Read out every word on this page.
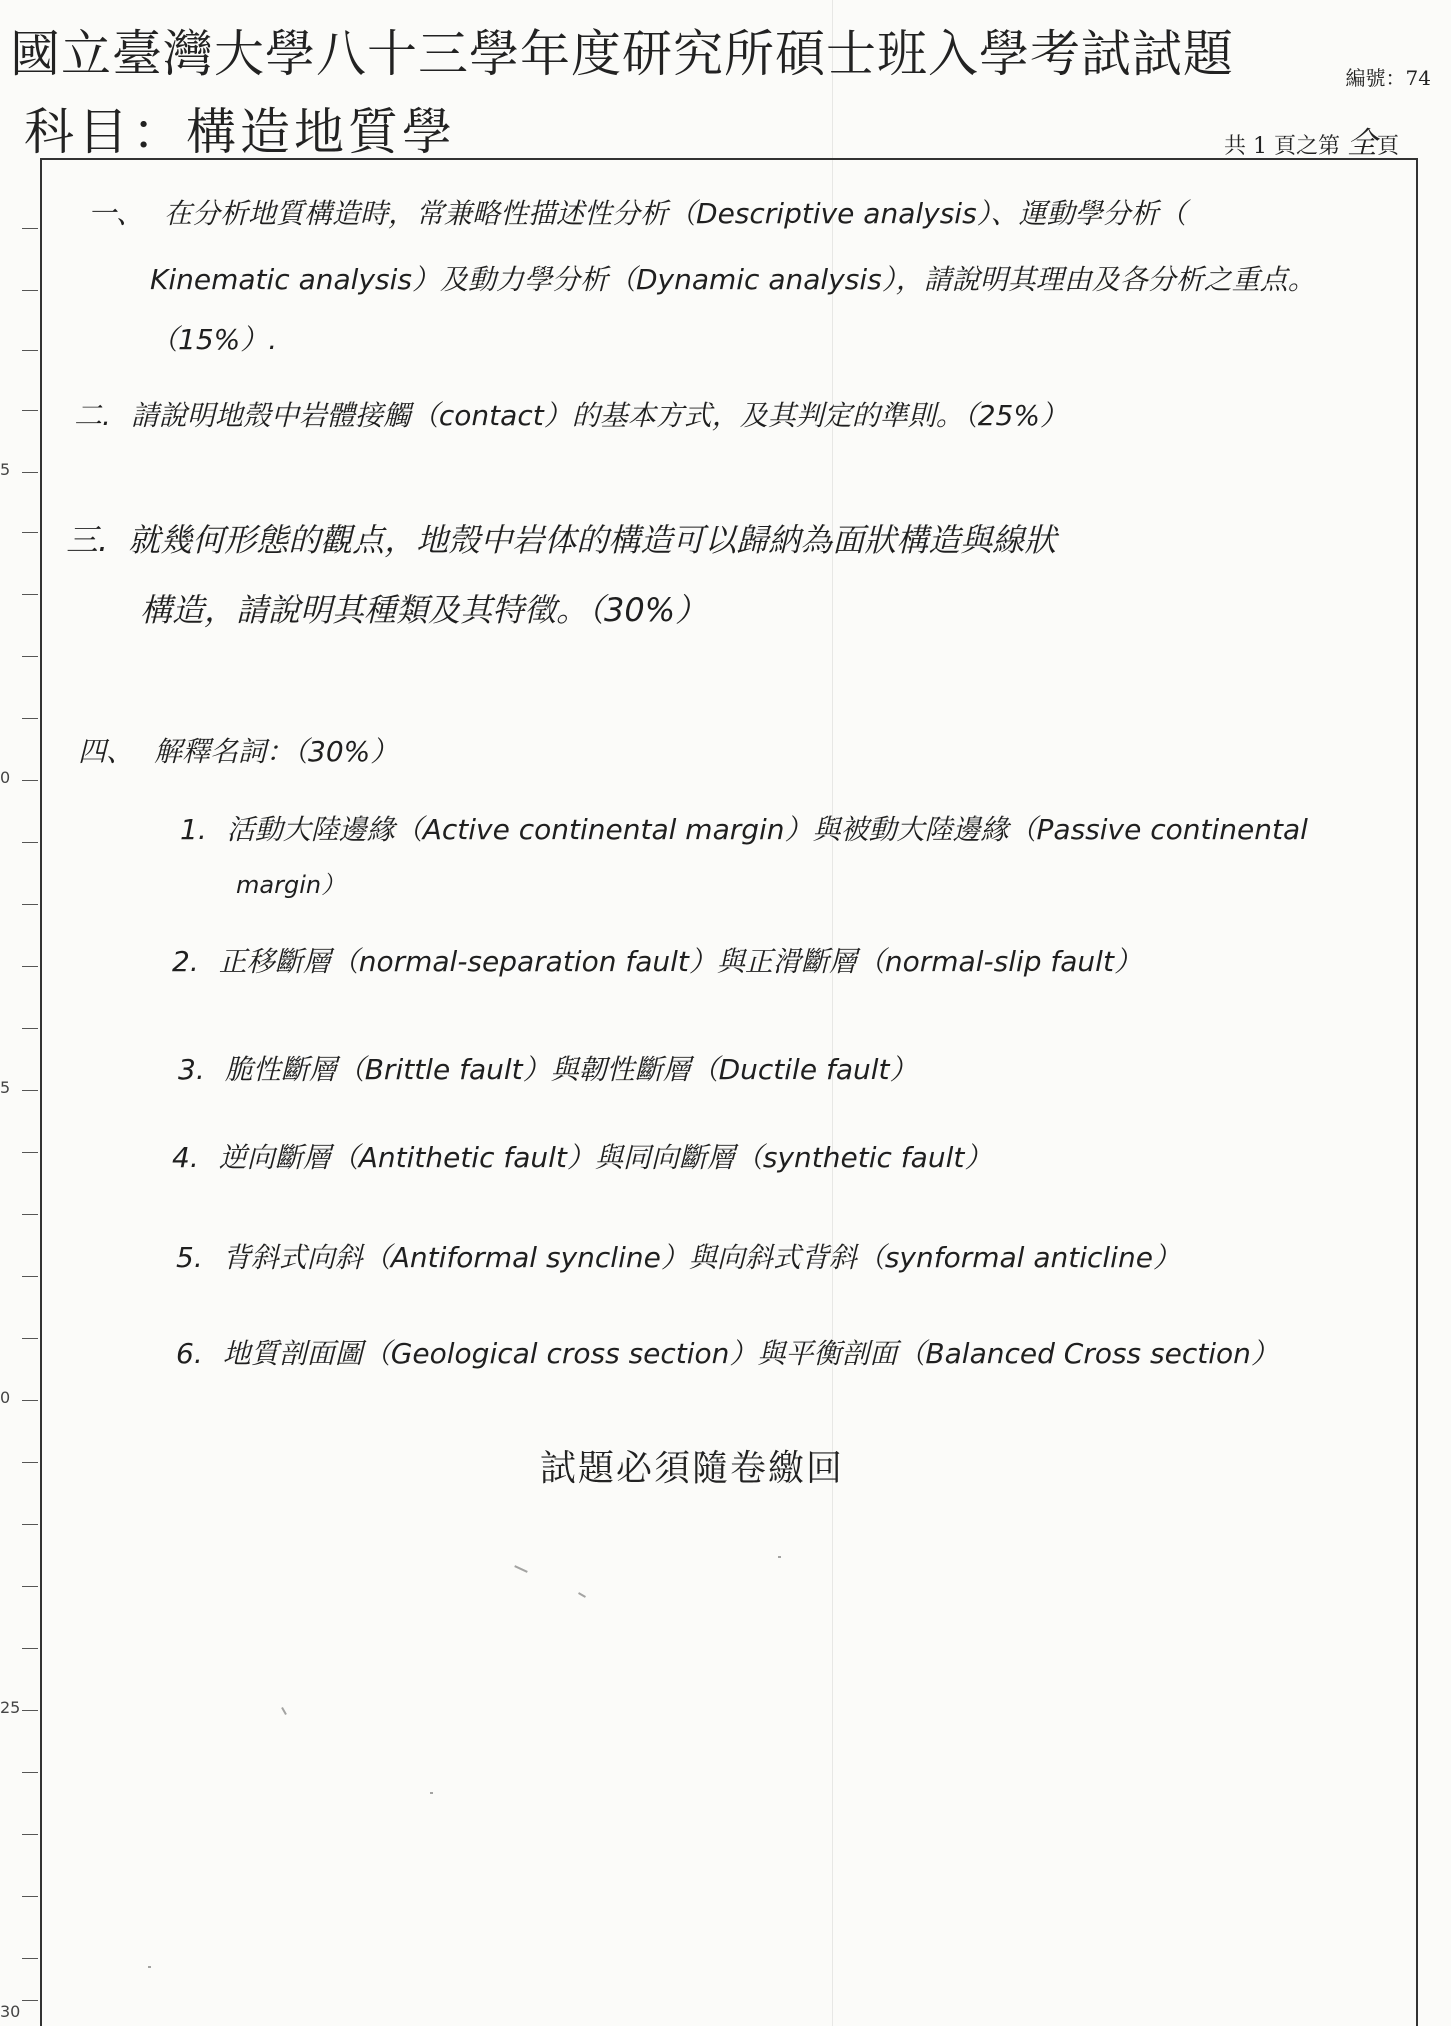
國立臺灣大學八十三學年度研究所碩士班入學考試試題
科目：構造地質學
編號：74
共 1 頁之第 全頁
5
0
5
0
25
30
一、 在分析地質構造時，常兼略性描述性分析（Descriptive analysis）、運動學分析（
Kinematic analysis）及動力學分析（Dynamic analysis），請說明其理由及各分析之重点。
（15%）.
二. 請說明地殼中岩體接觸（contact）的基本方式，及其判定的準則。（25%）
三. 就幾何形態的觀点，地殼中岩体的構造可以歸納為面狀構造與線狀
構造，請說明其種類及其特徵。（30%）
四、 解釋名詞：（30%）
1. 活動大陸邊緣（Active continental margin）與被動大陸邊緣（Passive continental
margin）
2. 正移斷層（normal-separation fault）與正滑斷層（normal-slip fault）
3. 脆性斷層（Brittle fault）與韌性斷層（Ductile fault）
4. 逆向斷層（Antithetic fault）與同向斷層（synthetic fault）
5. 背斜式向斜（Antiformal syncline）與向斜式背斜（synformal anticline）
6. 地質剖面圖（Geological cross section）與平衡剖面（Balanced Cross section）
試題必須隨卷繳回
